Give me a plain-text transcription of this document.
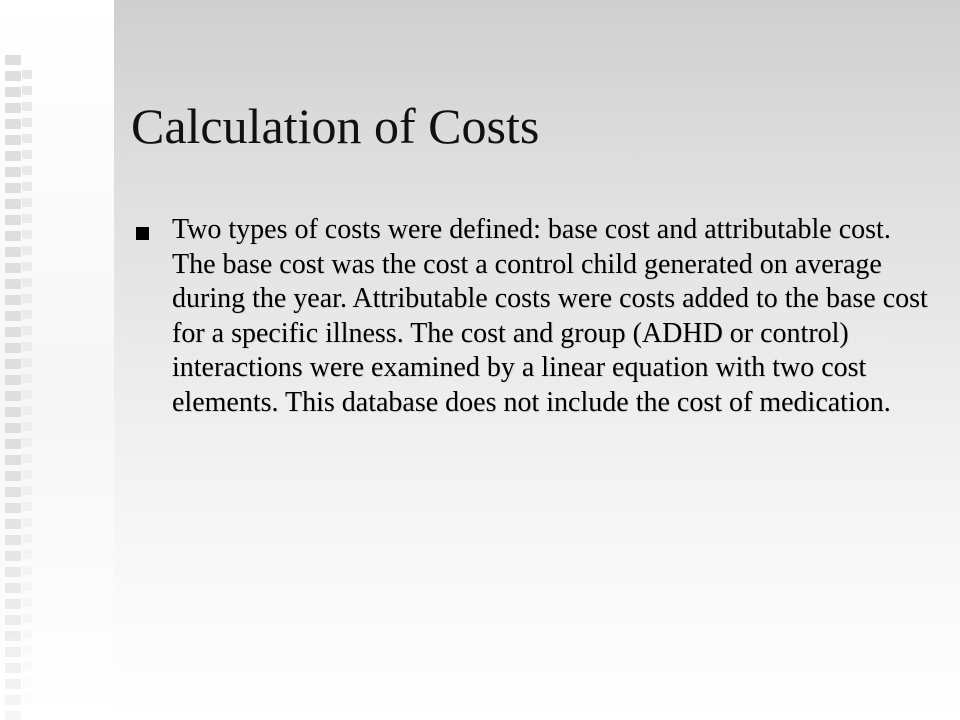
Calculation of Costs

Two types of costs were defined: base cost and attributable cost. The base cost was the cost a control child generated on average during the year. Attributable costs were costs added to the base cost for a specific illness. The cost and group (ADHD or control) interactions were examined by a linear equation with two cost elements. This database does not include the cost of medication.
